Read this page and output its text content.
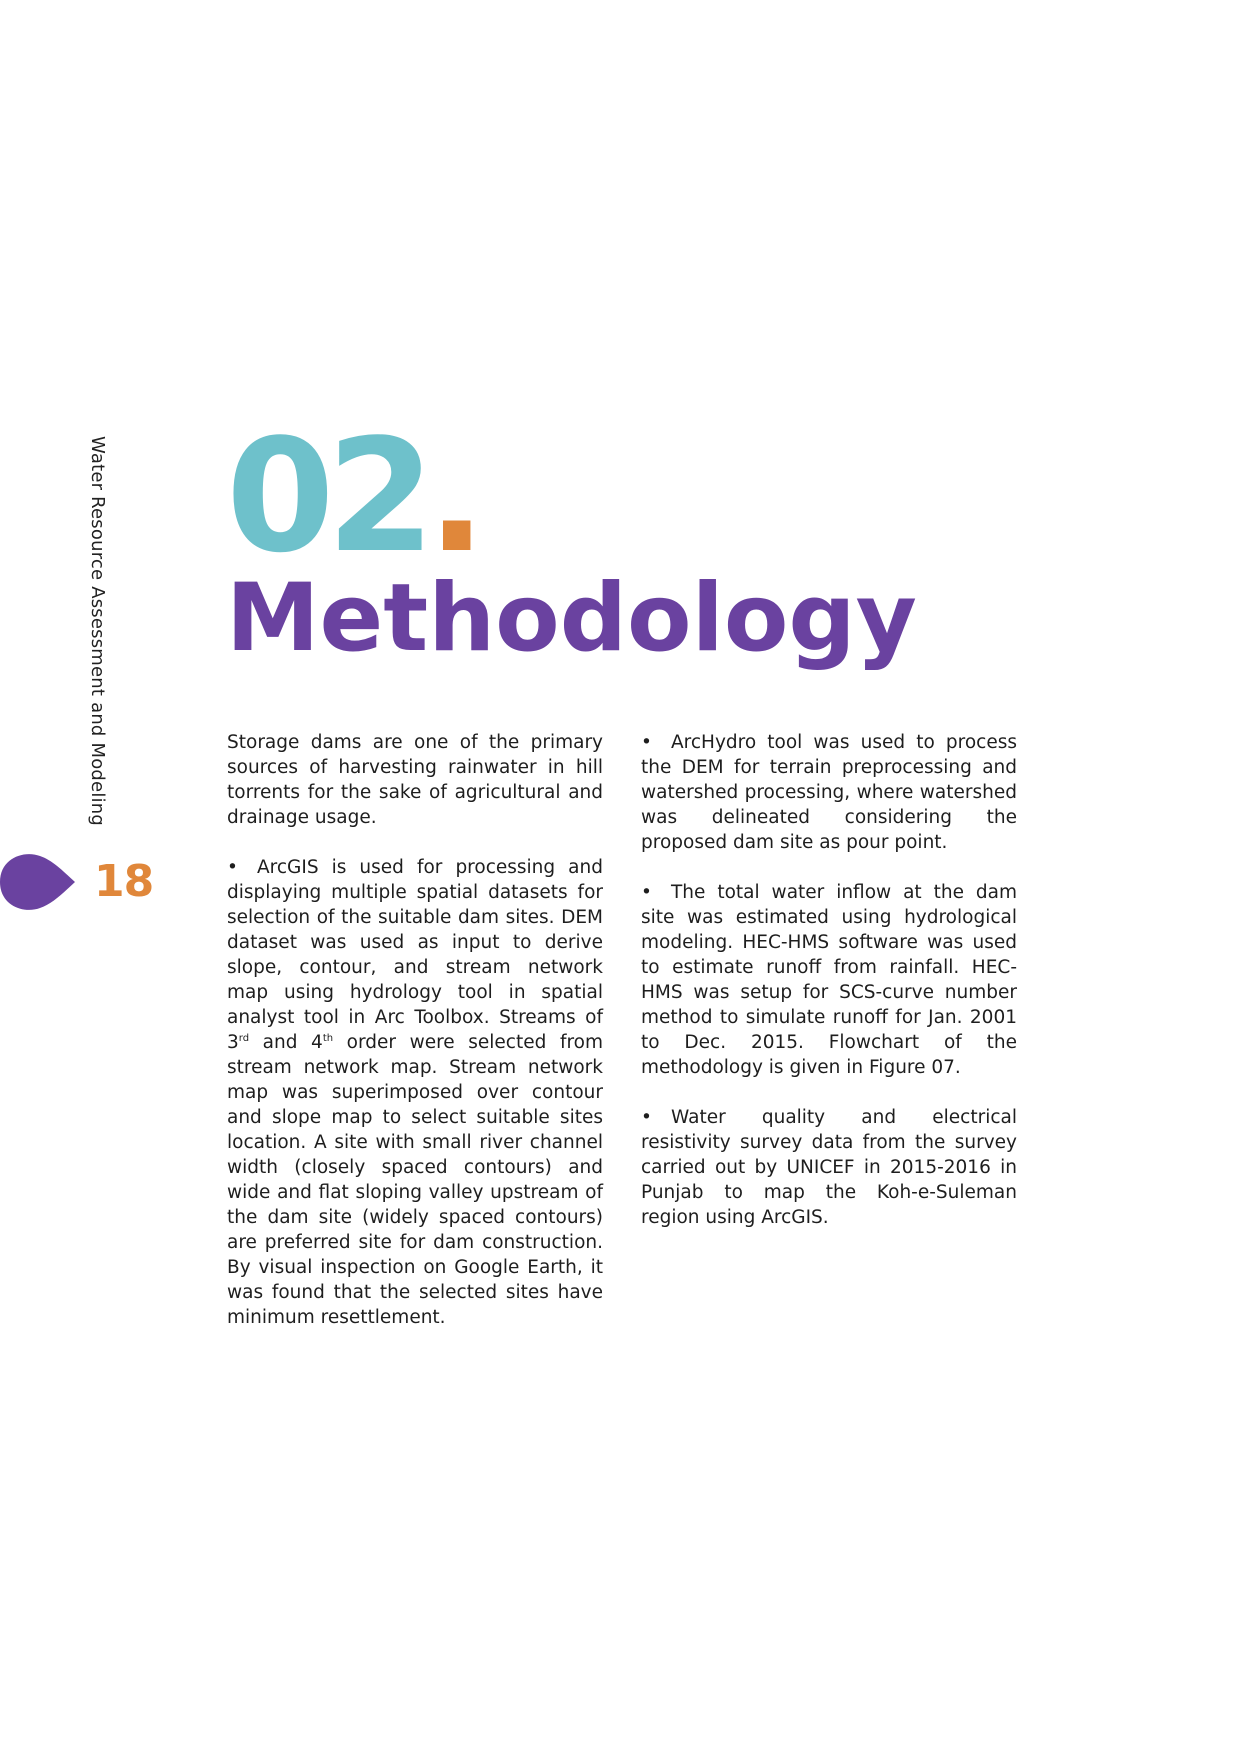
Water Resource Assessment and Modeling
18
02.
Methodology

Storage dams are one of the primary sources of harvesting rainwater in hill torrents for the sake of agricultural and drainage usage.

• ArcGIS is used for processing and displaying multiple spatial datasets for selection of the suitable dam sites. DEM dataset was used as input to derive slope, contour, and stream network map using hydrology tool in spatial analyst tool in Arc Toolbox. Streams of 3rd and 4th order were selected from stream network map. Stream network map was superimposed over contour and slope map to select suitable sites location. A site with small river channel width (closely spaced contours) and wide and flat sloping valley upstream of the dam site (widely spaced contours) are preferred site for dam construction. By visual inspection on Google Earth, it was found that the selected sites have minimum resettlement.

• ArcHydro tool was used to process the DEM for terrain preprocessing and watershed processing, where watershed was delineated considering the proposed dam site as pour point.

• The total water inflow at the dam site was estimated using hydrological modeling. HEC-HMS software was used to estimate runoff from rainfall. HEC-HMS was setup for SCS-curve number method to simulate runoff for Jan. 2001 to Dec. 2015. Flowchart of the methodology is given in Figure 07.

• Water quality and electrical resistivity survey data from the survey carried out by UNICEF in 2015-2016 in Punjab to map the Koh-e-Suleman region using ArcGIS.
